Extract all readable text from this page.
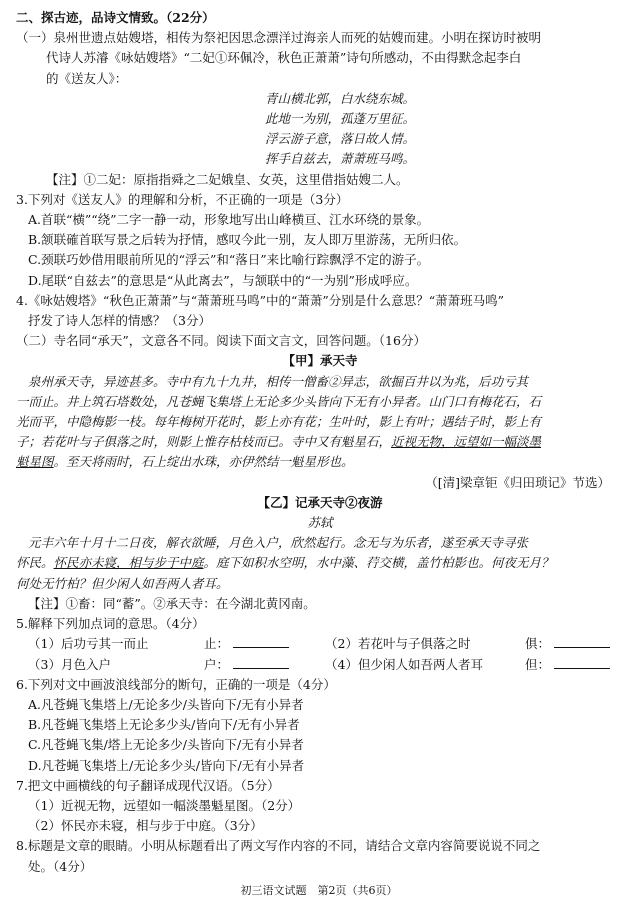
二、探古迹，品诗文情致。（22分）
（一）泉州世遗点姑嫂塔，相传为祭祀因思念漂洋过海亲人而死的姑嫂而建。小明在探访时被明
代诗人苏濬《咏姑嫂塔》“二妃①环佩冷，秋色正萧萧”诗句所感动，不由得默念起李白
的《送友人》：
青山横北郭，白水绕东城。
此地一为别，孤蓬万里征。
浮云游子意，落日故人情。
挥手自兹去，萧萧班马鸣。
【注】①二妃：原指指舜之二妃娥皇、女英，这里借指姑嫂二人。
3.下列对《送友人》的理解和分析，不正确的一项是（3分）
A.首联“横”“绕”二字一静一动，形象地写出山峰横亘、江水环绕的景象。
B.颔联確首联写景之后转为抒情，感叹今此一别，友人即万里游荡，无所归依。
C.颈联巧妙借用眼前所见的“浮云”和“落日”来比喻行踪飘浮不定的游子。
D.尾联“自兹去”的意思是“从此离去”，与颔联中的“一为别”形成呼应。
4.《咏姑嫂塔》“秋色正萧萧”与“萧萧班马鸣”中的“萧萧”分别是什么意思？“萧萧班马鸣”
抒发了诗人怎样的情感？（3分）
（二）寺名同“承天”，文意各不同。阅读下面文言文，回答问题。（16分）
【甲】承天寺
泉州承天寺，异迹甚多。寺中有九十九井，相传一僧畜②异志，欲掘百井以为兆，后功亏其
一而止。井上筑石塔数处，凡苍蝇飞集塔上无论多少头皆向下无有小异者。山门口有梅花石，石
光而平，中隐梅影一枝。每年梅树开花时，影上亦有花；生叶时，影上有叶；遇结子时，影上有
子；若花叶与子俱落之时，则影上惟存枯枝而已。寺中又有魁星石，近视无物，远望如一幅淡墨
魁星图。至天将雨时，石上绽出水珠，亦伊然结一魁星形也。
（[清]梁章钜《归田琐记》节选）
【乙】记承天寺②夜游
苏轼
元丰六年十月十二日夜，解衣欲睡，月色入户，欣然起行。念无与为乐者，遂至承天寺寻张
怀民。怀民亦未寝，相与步于中庭。庭下如积水空明，水中藻、荇交横，盖竹柏影也。何夜无月？
何处无竹柏？但少闲人如吾两人者耳。
【注】①畜：同“蓄”。②承天寺：在今湖北黄冈南。
5.解释下列加点词的意思。（4分）
（1）后功亏其一而止	止：	（2）若花叶与子俱落之时	俱：
（3）月色入户	户：	（4）但少闲人如吾两人者耳	但：
6.下列对文中画波浪线部分的断句，正确的一项是（4分）
A.凡苍蝇飞集塔上/无论多少/头皆向下/无有小异者
B.凡苍蝇飞集塔上无论多少头/皆向下/无有小异者
C.凡苍蝇飞集/塔上无论多少/头皆向下/无有小异者
D.凡苍蝇飞集塔上/无论多少头/皆向下/无有小异者
7.把文中画横线的句子翻译成现代汉语。（5分）
（1）近视无物，远望如一幅淡墨魁星图。（2分）
（2）怀民亦未寝，相与步于中庭。（3分）
8.标题是文章的眼睛。小明从标题看出了两文写作内容的不同，请结合文章内容简要说说不同之
处。（4分）
初三语文试题　第2页（共6页）
